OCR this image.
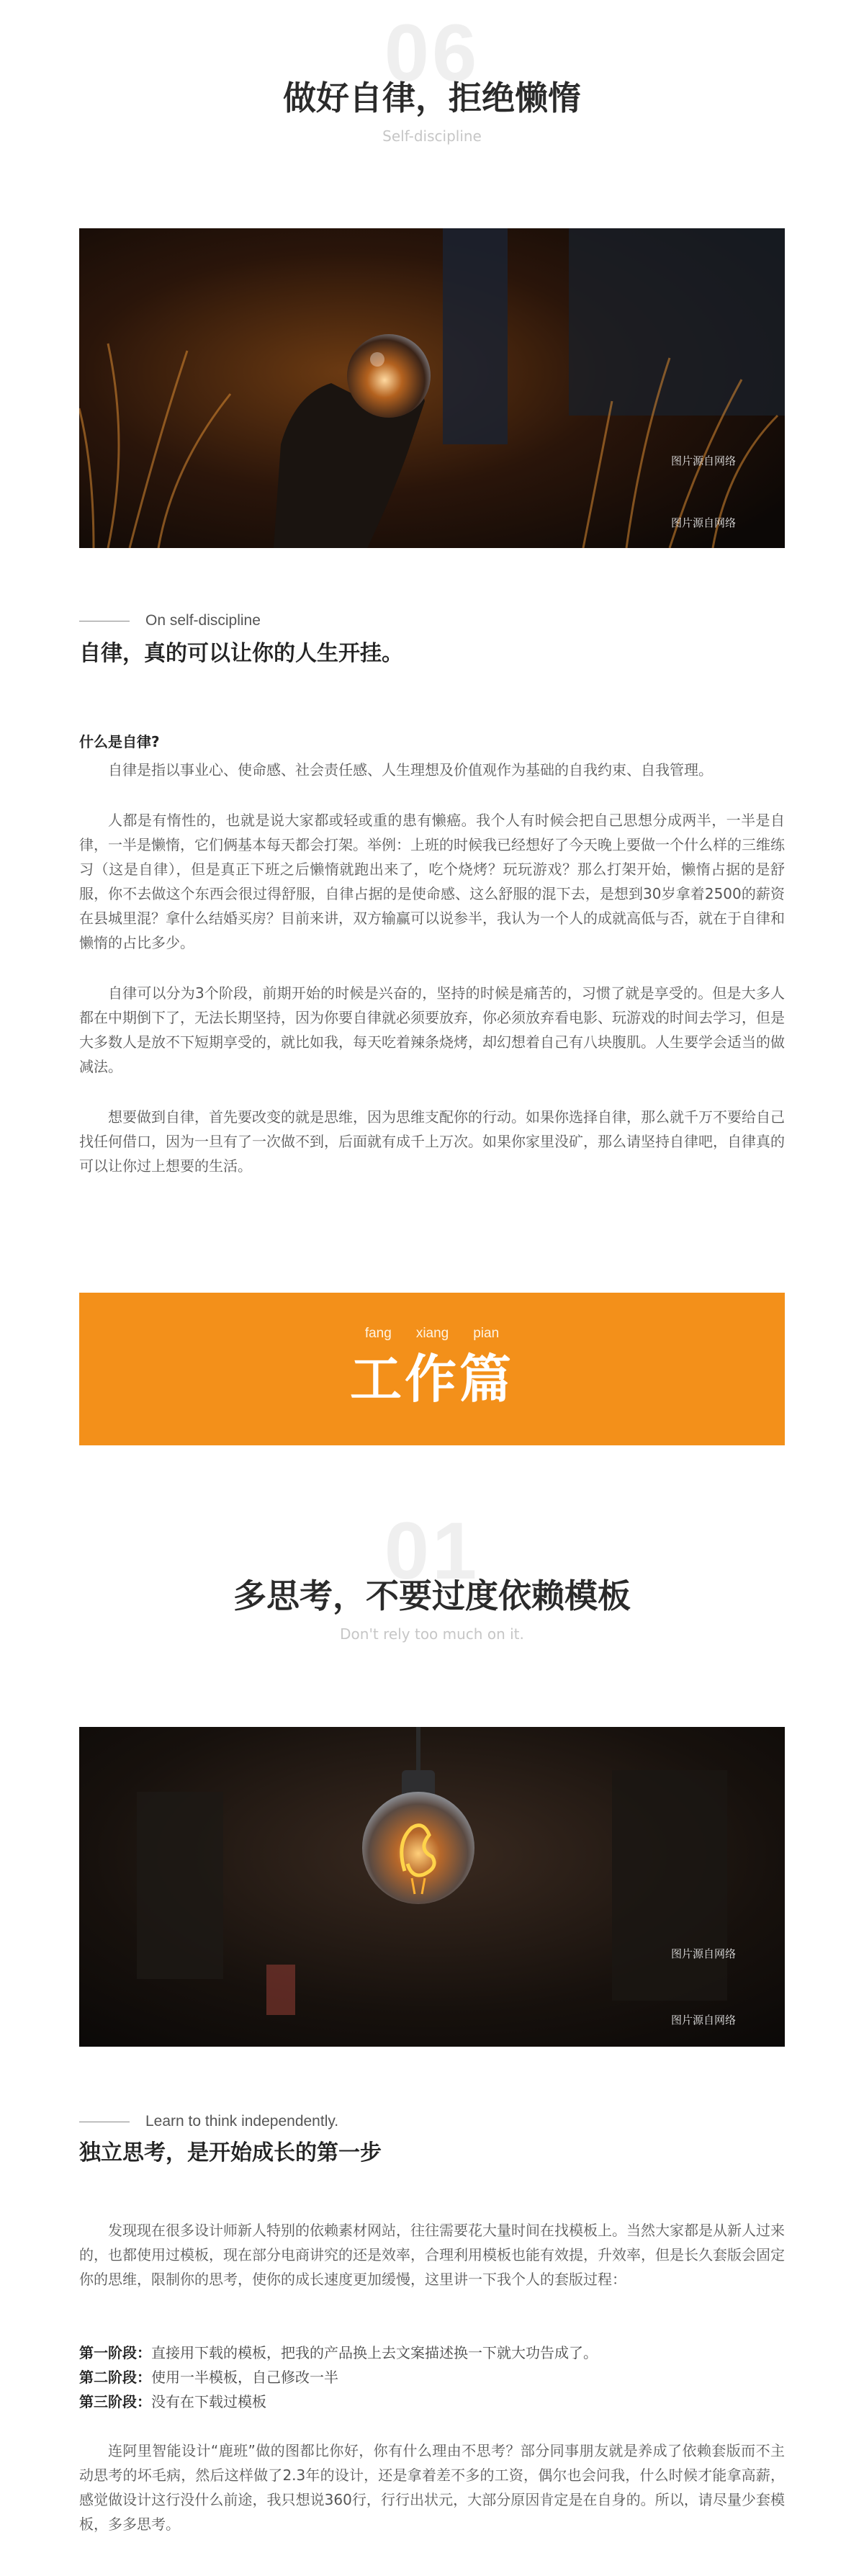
06
做好自律，拒绝懒惰
Self-discipline
图片源自网络
图片源自网络
On self-discipline
自律，真的可以让你的人生开挂。
什么是自律?

自律是指以事业心、使命感、社会责任感、人生理想及价值观作为基础的自我约束、自我管理。

人都是有惰性的，也就是说大家都或轻或重的患有懒癌。我个人有时候会把自己思想分成两半，一半是自律，一半是懒惰，它们俩基本每天都会打架。举例：上班的时候我已经想好了今天晚上要做一个什么样的三维练习（这是自律），但是真正下班之后懒惰就跑出来了，吃个烧烤？玩玩游戏？那么打架开始，懒惰占据的是舒服，你不去做这个东西会很过得舒服，自律占据的是使命感、这么舒服的混下去，是想到30岁拿着2500的薪资在县城里混？拿什么结婚买房？目前来讲，双方输赢可以说参半，我认为一个人的成就高低与否，就在于自律和懒惰的占比多少。

自律可以分为3个阶段，前期开始的时候是兴奋的，坚持的时候是痛苦的，习惯了就是享受的。但是大多人都在中期倒下了，无法长期坚持，因为你要自律就必须要放弃，你必须放弃看电影、玩游戏的时间去学习，但是大多数人是放不下短期享受的，就比如我，每天吃着辣条烧烤，却幻想着自己有八块腹肌。人生要学会适当的做减法。

想要做到自律，首先要改变的就是思维，因为思维支配你的行动。如果你选择自律，那么就千万不要给自己找任何借口，因为一旦有了一次做不到，后面就有成千上万次。如果你家里没矿，那么请坚持自律吧，自律真的可以让你过上想要的生活。

fang xiang pian
工作篇
01
多思考，不要过度依赖模板
Don't rely too much on it.
图片源自网络
图片源自网络
Learn to think independently.
独立思考，是开始成长的第一步

发现现在很多设计师新人特别的依赖素材网站，往往需要花大量时间在找模板上。当然大家都是从新人过来的，也都使用过模板，现在部分电商讲究的还是效率，合理利用模板也能有效提，升效率，但是长久套版会固定你的思维，限制你的思考，使你的成长速度更加缓慢，这里讲一下我个人的套版过程：

第一阶段：直接用下载的模板，把我的产品换上去文案描述换一下就大功告成了。
第二阶段：使用一半模板，自己修改一半
第三阶段：没有在下载过模板

连阿里智能设计“鹿班”做的图都比你好，你有什么理由不思考？部分同事朋友就是养成了依赖套版而不主动思考的坏毛病，然后这样做了2.3年的设计，还是拿着差不多的工资，偶尔也会问我，什么时候才能拿高薪，感觉做设计这行没什么前途，我只想说360行，行行出状元，大部分原因肯定是在自身的。所以，请尽量少套模板，多多思考。
